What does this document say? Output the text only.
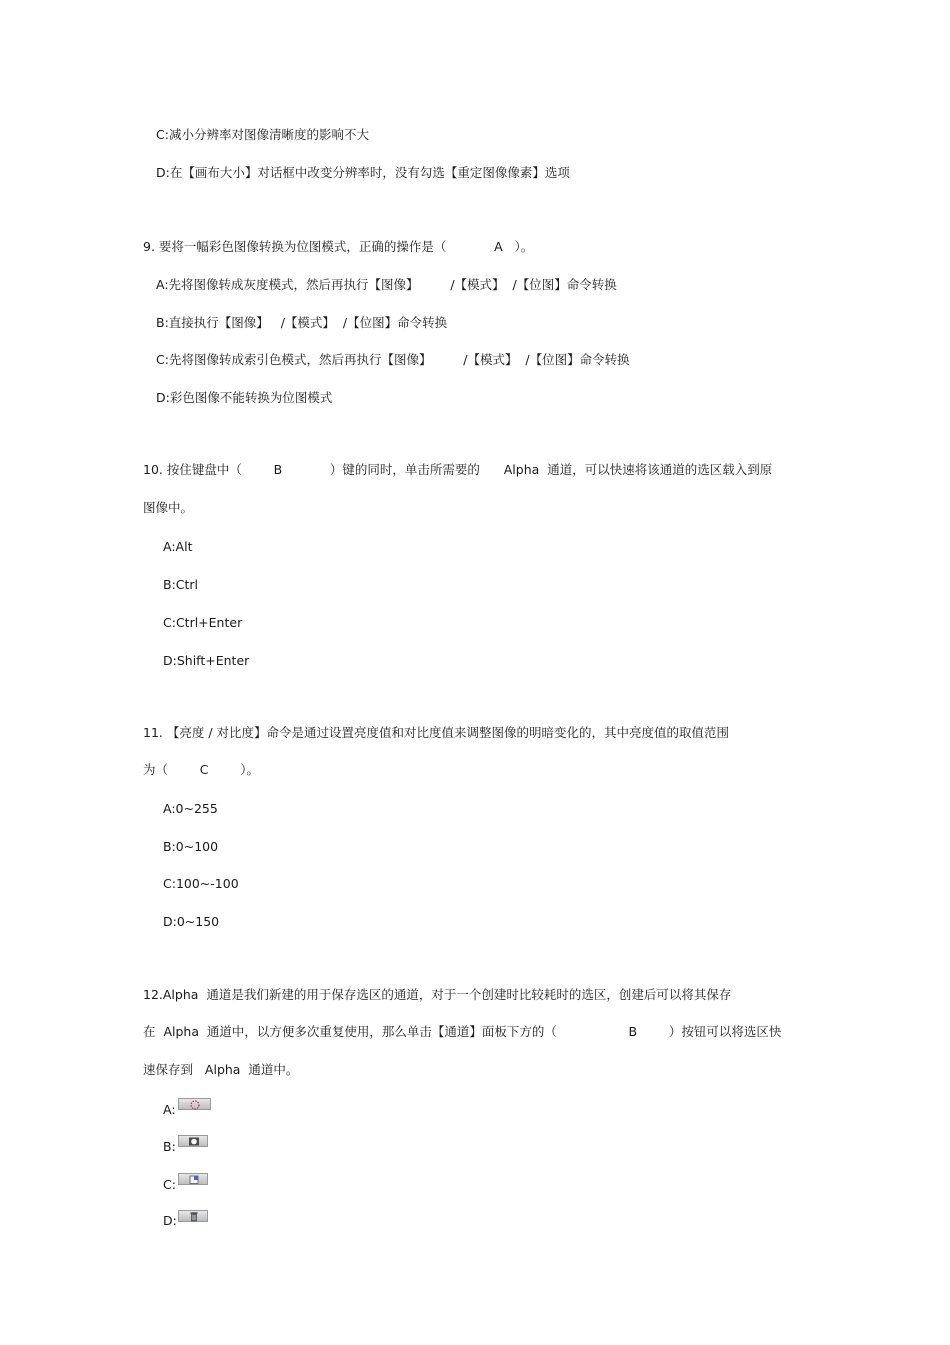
C:减小分辨率对图像清晰度的影响不大
D:在【画布大小】对话框中改变分辨率时，没有勾选【重定图像像素】选项
9. 要将一幅彩色图像转换为位图模式，正确的操作是（            A   ）。
A:先将图像转成灰度模式，然后再执行【图像】        /【模式】  /【位图】命令转换
B:直接执行【图像】   /【模式】  /【位图】命令转换
C:先将图像转成索引色模式，然后再执行【图像】        /【模式】  /【位图】命令转换
D:彩色图像不能转换为位图模式
10. 按住键盘中（        B            ）键的同时，单击所需要的      Alpha  通道，可以快速将该通道的选区载入到原
图像中。
A:Alt
B:Ctrl
C:Ctrl+Enter
D:Shift+Enter
11. 【亮度 / 对比度】命令是通过设置亮度值和对比度值来调整图像的明暗变化的，其中亮度值的取值范围
为（        C        ）。
A:0~255
B:0~100
C:100~-100
D:0~150
12.Alpha  通道是我们新建的用于保存选区的通道，对于一个创建时比较耗时的选区，创建后可以将其保存
在  Alpha  通道中，以方便多次重复使用，那么单击【通道】面板下方的（                  B        ）按钮可以将选区快
速保存到   Alpha  通道中。
A:
B:
C:
D:
